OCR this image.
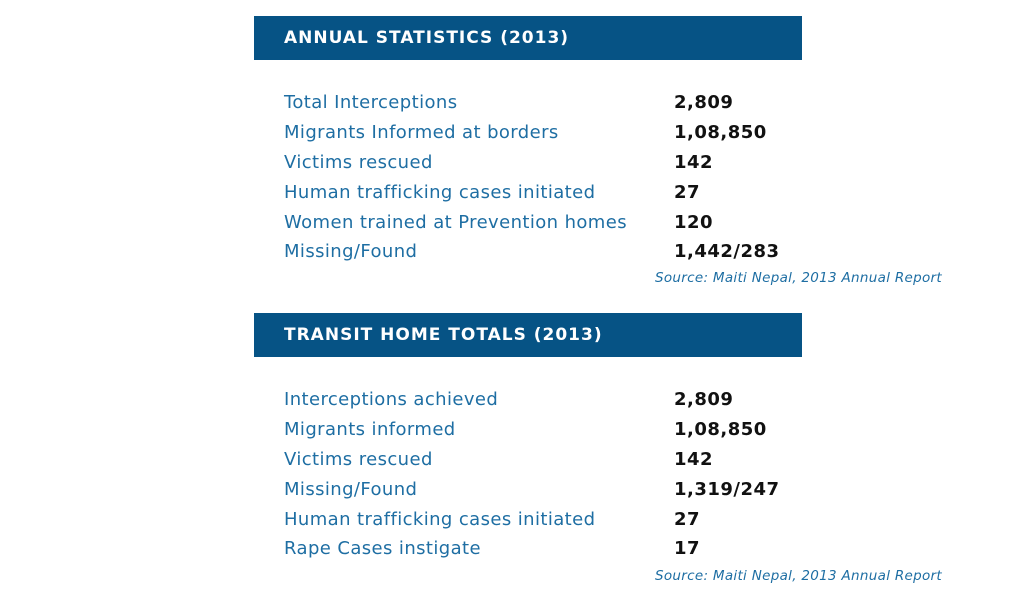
ANNUAL STATISTICS (2013)
Total Interceptions	2,809
Migrants Informed at borders	1,08,850
Victims rescued	142
Human trafficking cases initiated	27
Women trained at Prevention homes	120
Missing/Found	1,442/283
Source: Maiti Nepal, 2013 Annual Report
TRANSIT HOME TOTALS (2013)
Interceptions achieved	2,809
Migrants informed	1,08,850
Victims rescued	142
Missing/Found	1,319/247
Human trafficking cases initiated	27
Rape Cases instigate	17
Source: Maiti Nepal, 2013 Annual Report
